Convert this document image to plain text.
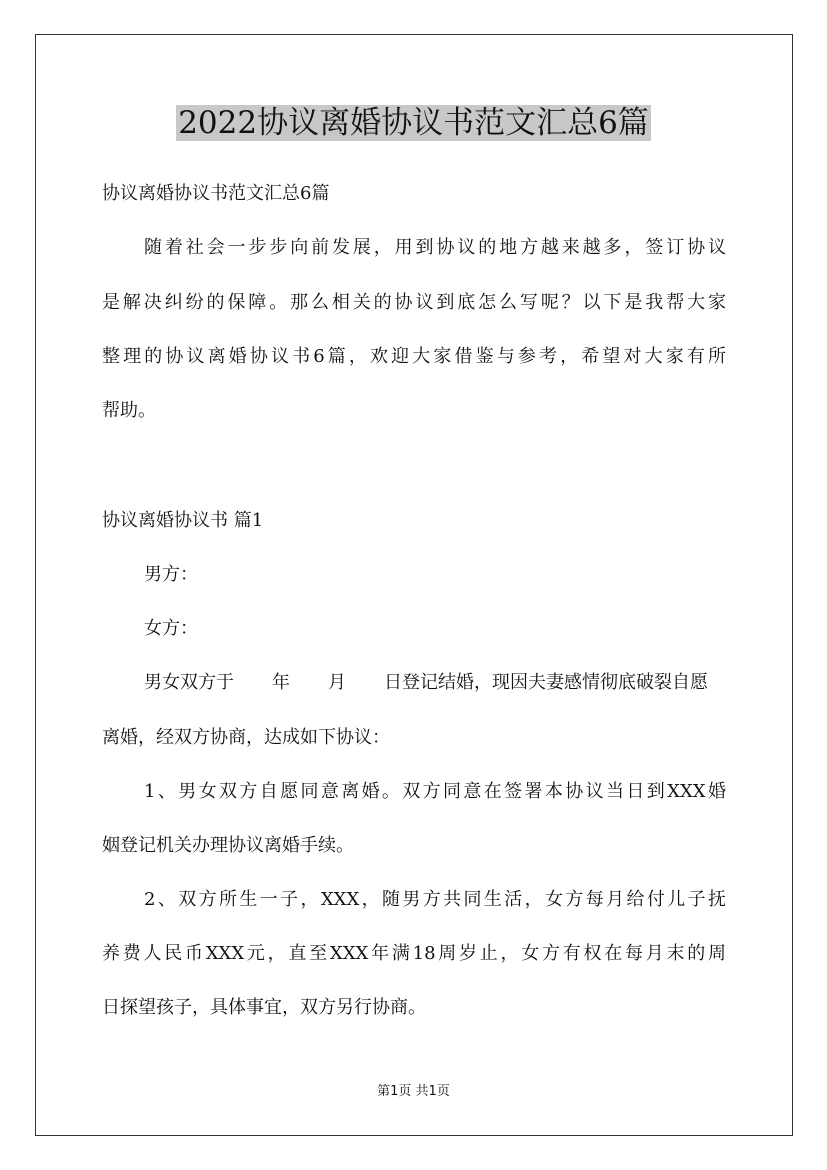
2022协议离婚协议书范文汇总6篇

协议离婚协议书范文汇总6篇

随着社会一步步向前发展，用到协议的地方越来越多，签订协议

是解决纠纷的保障。那么相关的协议到底怎么写呢？以下是我帮大家

整理的协议离婚协议书6篇，欢迎大家借鉴与参考，希望对大家有所

帮助。

协议离婚协议书 篇1

男方：

女方：

男女双方于 年 月 日登记结婚，现因夫妻感情彻底破裂自愿

离婚，经双方协商，达成如下协议：

1、男女双方自愿同意离婚。双方同意在签署本协议当日到XXX婚

姻登记机关办理协议离婚手续。

2、双方所生一子，XXX，随男方共同生活，女方每月给付儿子抚

养费人民币XXX元，直至XXX年满18周岁止，女方有权在每月末的周

日探望孩子，具体事宜，双方另行协商。

第1页 共1页
